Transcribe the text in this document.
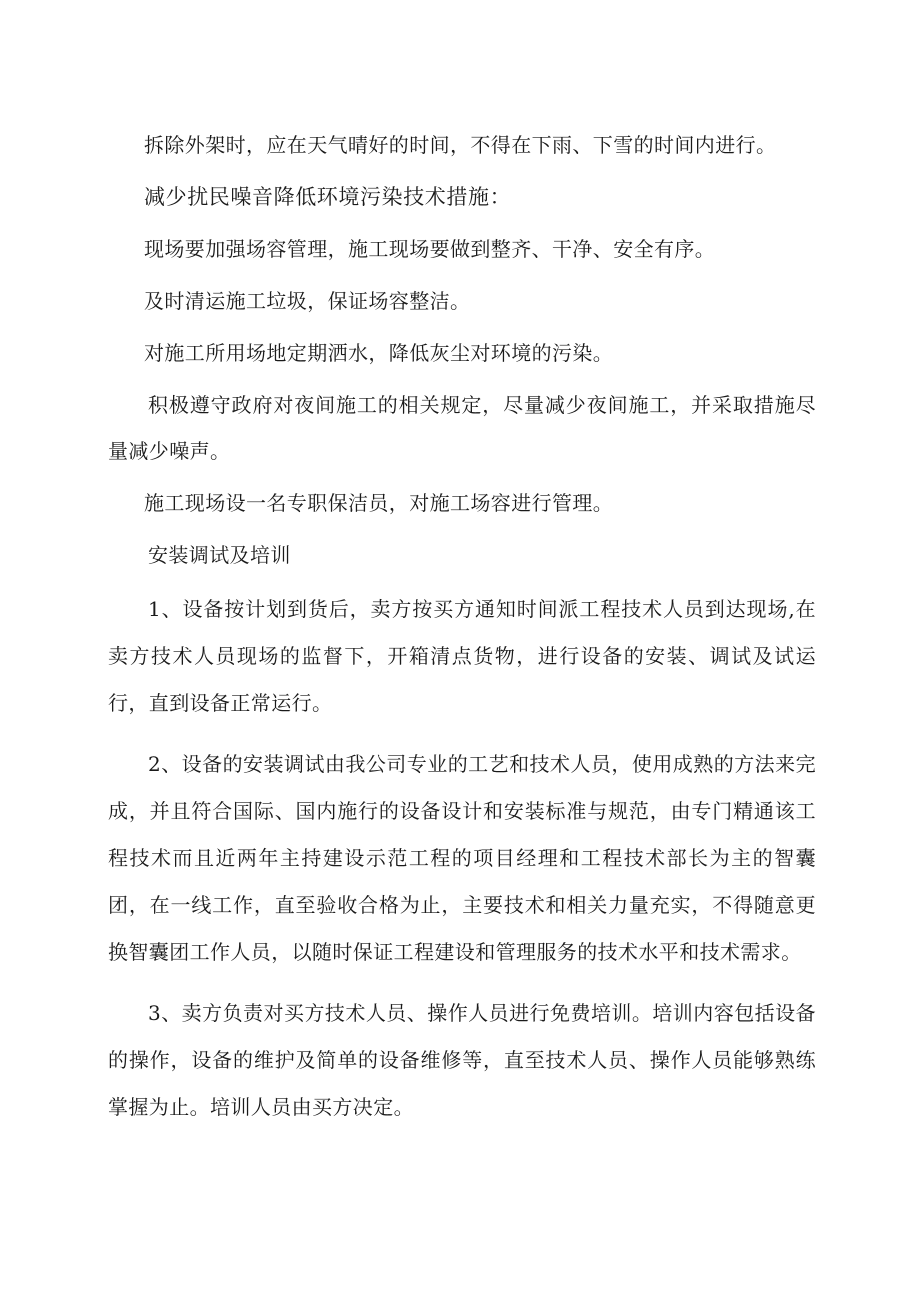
拆除外架时，应在天气晴好的时间，不得在下雨、下雪的时间内进行。

减少扰民噪音降低环境污染技术措施：

现场要加强场容管理，施工现场要做到整齐、干净、安全有序。

及时清运施工垃圾，保证场容整洁。

对施工所用场地定期洒水，降低灰尘对环境的污染。

积极遵守政府对夜间施工的相关规定，尽量减少夜间施工，并采取措施尽量减少噪声。

施工现场设一名专职保洁员，对施工场容进行管理。

安装调试及培训

1、设备按计划到货后，卖方按买方通知时间派工程技术人员到达现场,在卖方技术人员现场的监督下，开箱清点货物，进行设备的安装、调试及试运行，直到设备正常运行。

2、设备的安装调试由我公司专业的工艺和技术人员，使用成熟的方法来完成，并且符合国际、国内施行的设备设计和安装标准与规范，由专门精通该工程技术而且近两年主持建设示范工程的项目经理和工程技术部长为主的智囊团，在一线工作，直至验收合格为止，主要技术和相关力量充实，不得随意更换智囊团工作人员，以随时保证工程建设和管理服务的技术水平和技术需求。

3、卖方负责对买方技术人员、操作人员进行免费培训。培训内容包括设备的操作，设备的维护及简单的设备维修等，直至技术人员、操作人员能够熟练掌握为止。培训人员由买方决定。
